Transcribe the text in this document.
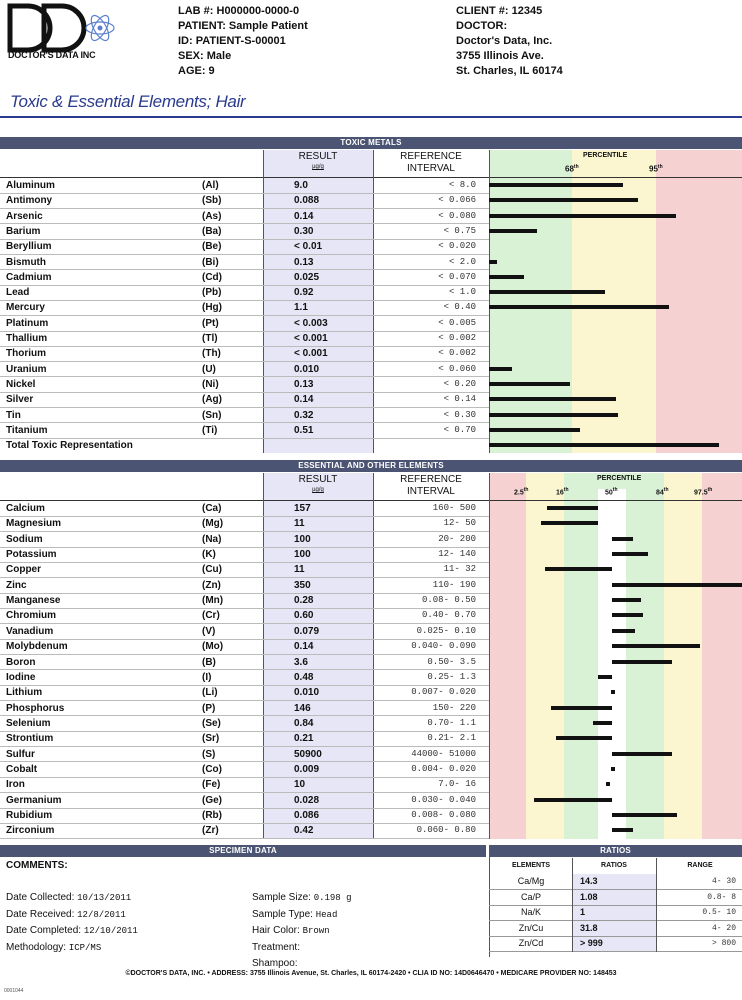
DOCTOR'S DATA INC
LAB #: H000000-0000-0
PATIENT: Sample Patient
ID: PATIENT-S-00001
SEX: Male
AGE: 9
CLIENT #: 12345
DOCTOR:
Doctor's Data, Inc.
3755 Illinois Ave.
St. Charles, IL 60174
Toxic & Essential Elements; Hair
TOXIC METALS
RESULT
µg/g
REFERENCE
INTERVAL
PERCENTILE
68th	95th
Aluminum	(Al)	9.0	< 8.0
Antimony	(Sb)	0.088	< 0.066
Arsenic	(As)	0.14	< 0.080
Barium	(Ba)	0.30	< 0.75
Beryllium	(Be)	< 0.01	< 0.020
Bismuth	(Bi)	0.13	< 2.0
Cadmium	(Cd)	0.025	< 0.070
Lead	(Pb)	0.92	< 1.0
Mercury	(Hg)	1.1	< 0.40
Platinum	(Pt)	< 0.003	< 0.005
Thallium	(Tl)	< 0.001	< 0.002
Thorium	(Th)	< 0.001	< 0.002
Uranium	(U)	0.010	< 0.060
Nickel	(Ni)	0.13	< 0.20
Silver	(Ag)	0.14	< 0.14
Tin	(Sn)	0.32	< 0.30
Titanium	(Ti)	0.51	< 0.70
Total Toxic Representation
ESSENTIAL AND OTHER ELEMENTS
RESULT
µg/g
REFERENCE
INTERVAL
PERCENTILE
2.5th	16th	50th	84th	97.5th
Calcium	(Ca)	157	160- 500
Magnesium	(Mg)	11	12- 50
Sodium	(Na)	100	20- 200
Potassium	(K)	100	12- 140
Copper	(Cu)	11	11- 32
Zinc	(Zn)	350	110- 190
Manganese	(Mn)	0.28	0.08- 0.50
Chromium	(Cr)	0.60	0.40- 0.70
Vanadium	(V)	0.079	0.025- 0.10
Molybdenum	(Mo)	0.14	0.040- 0.090
Boron	(B)	3.6	0.50- 3.5
Iodine	(I)	0.48	0.25- 1.3
Lithium	(Li)	0.010	0.007- 0.020
Phosphorus	(P)	146	150- 220
Selenium	(Se)	0.84	0.70- 1.1
Strontium	(Sr)	0.21	0.21- 2.1
Sulfur	(S)	50900	44000- 51000
Cobalt	(Co)	0.009	0.004- 0.020
Iron	(Fe)	10	7.0- 16
Germanium	(Ge)	0.028	0.030- 0.040
Rubidium	(Rb)	0.086	0.008- 0.080
Zirconium	(Zr)	0.42	0.060- 0.80
SPECIMEN DATA	RATIOS
COMMENTS:
Date Collected: 10/13/2011
Date Received: 12/8/2011
Date Completed: 12/10/2011
Methodology: ICP/MS
Sample Size: 0.198 g
Sample Type: Head
Hair Color: Brown
Treatment:
Shampoo:
ELEMENTS	RATIOS	RANGE
Ca/Mg	14.3	4- 30
Ca/P	1.08	0.8- 8
Na/K	1	0.5- 10
Zn/Cu	31.8	4- 20
Zn/Cd	> 999	> 800
©DOCTOR'S DATA, INC. • ADDRESS: 3755 Illinois Avenue, St. Charles, IL 60174-2420 • CLIA ID NO: 14D0646470 • MEDICARE PROVIDER NO: 148453
0001044
